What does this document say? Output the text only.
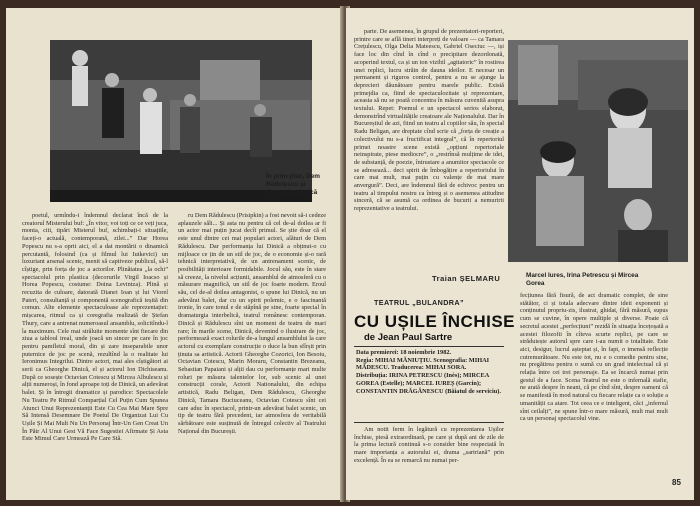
În prim-plan, Dem Rădulescu și Gheorghe Dinică

poetul, urmîndu-i îndemnul declarat încă de la creatorul Misterului buf: „În vitor, voi toți ce ce veți juca, monta, citi, tipări Misterul buf, schimbați-i situațiile, faceți-o actuală, contemporană, zilei...” Dar Horea Popescu nu s-a oprit aici, el a dat montării o dinamică percutantă, folosind (ca și filmul lui Iutkevici) un luxuriant arsenal scenic, menit să captiveze publicul, să-l cîștige, prin forța de joc a actorilor. Plinătatea „la ochi” spectacolul prin plastica (decorurile Virgil Ioacso și Horea Popescu, costume: Doina Levintza). Plină și recuzita de culoare, datorată Dianei Ioan și lui Viorel Pateri, consultanță și componentă scenografică ieșită din comun. Alte elemente spectaculoase ale reprezentației: mișcarea, ritmul ca și coregrafia realizată de Ștefan Thury, care a antrenat numeroasul ansamblu, solicitîndu-l la maximum. Cele mai străluite momente sînt fiecare din ziua a tabloul ireal, unde joacă un sincer pe care în joc pentru pamfletul moral, din și zare inseparabile unor puternice de joc pe scenă, rezultînd la o realitate lui Ieronimus Integrilui. Dintre actori, mai ales cîștigători ai serii ca Gheorghe Dinică, el și actorul Ion Dichiseanu. După ce sosește Octavian Cotescu și Mircea Albulescu și alții numeroși, în fond aproape toți de Dinică, un adevărat balet. Și în întregii dramatice și parodice: Spectacolele Nu Teatru Pe Ritmul Comparțial Cel Puțin Cum Spunea Atunci Unui Reprezentanții Este Cu Cea Mai Mare Spre Să Intensă Desemnare De Poetul De Organizat Lui Cu Ușile Și Mai Mult Nu Un Personaj Într-Un Gen Creat Un În Pătr Al Unui Gest Vă Face Sugestiei Afirmate Și Asta Este Mimul Care Urmează Pe Care Stă.

ru Dem Rădulescu (Prisipkin) a fost nevoit să-i cedeze aplauzele săli... Și asta nu pentru că cel de-al doilea ar fi un actor mai puțin jucat decît primul. Se știe doar că el este unul dintre cei mai populari actori, alături de Dem Rădulescu. Dar performanța lui Dinică a obținut-o cu mijloace ce țin de un stil de joc, de o economie și-o rară tehnică interpretativă, de un antrenament scenic, de posibilități interioare formidabile. Jocul său, este în stare să creeze, la nivelul acțiunii, ansamblul de atmosferă cu o măsurare magnifică, un stil de joc foarte modern. Eroul său, cel de-al doilea antagonist, o spune lui Dinică, nu un adevărat balet, dar cu un spirit polemic, e o fascinantă ironie, în care tonul e de stăpînă pe sine, foarte special în dramaturgia interbelică, teatrul românesc contemporan. Dinică și Rădulescu sînt un moment de teatru de mari rare; în marile scene, Dinică, devenind o ilustrare de joc, performează exact rolurile de-a lungul ansamblului la care actorul cu exemplare construcție o duce la bun sfîrșit prin ținuta sa artistică. Actorii Gheorghe Cozorici, Ion Besoiu, Octavian Cotescu, Marin Moraru, Constantin Brezeanu, Sebastian Papaiani și alții dau cu performanțe mari multe roluri pe măsura talentelor lor, sub scenic al unei construcții corale, Actorii Nationalului, din echipa artistică, Radu Beligan, Dem Rădulescu, Gheorghe Dinică, Tamara Buciuceanu, Octavian Cotescu sînt cei care aduc în spectacol, printr-un adevărat balet scenic, un tip de teatru fără precedent, iar atmosfera de veritabilă sărbătoare este susținută de întregul colectiv al Teatrului Național din București.

parte. De asemenea, în grupul de prezentatori-reporteri, printre care se află tineri interpreți de valoare — ca Tamara Crețulescu, Olga Delia Mateescu, Gabriel Oseciuc —, iși face loc din cînd în cînd o precipitare dezordonată, acoperind textul, ca și un ton vizibil „agitatoric” în rostirea unei replici, lucru străin de dauna ideilor. E necesar un permanent și riguros control, pentru a nu se ajunge la deprecieri dăunătoare pentru marele public. Există primejdia ca, fiind de spectaculozitate și reprezentare, aceasta să nu se poată concentra în măsura cuvenită asupra textului. Repet: Poemul e un spectacol serios elaborat, demonstrînd virtualitățile creatoare ale Naționalului. Dar în Bucureștiul de azi, fiind un teatru al copiilor său, în special Radu Beligan, are dreptate cînd scrie că „forța de creație a colectivului nu s-a fructificat integral”, că în repertoriul primei noastre scene există „opțiuni repertoriale neinspirate, piese mediocre”, o „restrînsă mulțime de idei, de substanță, de poezie, întrustare a anumitor spectacole ce se adresează... deci spirit de îmbogățire a repertoriului în care mai mult, mai puțin cu valențe de mai mare anvergură”. Deci, are îndemnul fără de echivoc pentru un teatru al timpului nostru ca întreg și o asemenea atitudine sinceră, că se asumă ca ordinea de bucurii a nemuririi reprezentative a teatrului.

Traian ȘELMARU	Marcel Iures, Irina Petrescu și Mircea Gorea
TEATRUL „BULANDRA”
CU UȘILE ÎNCHISE
de Jean Paul Sartre
Data premierei: 18 noiembrie 1982.
Regia: MIHAI MĂNIUȚIU. Scenografia: MIHAI MĂDESCU. Traducerea: MIHAI SORA.
Distribuția: IRINA PETRESCU (Inès); MIRCEA GOREA (Estelle); MARCEL IUREȘ (Garcin); CONSTANTIN DRĂGĂNESCU (Băiatul de serviciu).

Am notit ferm în legătură cu reprezentarea Ușilor închise, piesă extraordinară, pe care și după ani de zile de la prima lectură continuă s-o consider bine respectată în mare importanța a autorului ei, drama „sartriană” prin excelență. În ea se remarcă nu numai per-

fecțiunea fără fisură, de act dramatic complet, de sine stătător, ci și totala adecvare dintre ideii exponenti și conținutul propriu-zis, ilustrat, ghidat, fără măsură, supus cum se cuvine, în opere multiple și diverse. Poate că secretul acestei „perfecțiuni” rezidă în situația încețoșată a acestei filozofii în cîteva scurte replici, pe care se străduiește autorul spre care i-au numit o totalitate. Este aici, desigur, lucrul așteptat și, în fapt, o imensă reflecție cutremurătoare. Nu este tot, nu e o comedie pentru sine, nu pregătirea pentru o sumă cu un grad intelectual că și relația între cei trei personaje. Ea se încarcă numai prin gestul de a face. Scena Teatrul ne este o infernală stafie, ne arată despre în neant, că pe cînd sînt, despre oameni că se manifestă în mod natural cu fiecare relație ca o soluție a umanității ca atare. Tot ceea ce e inteligent, căci „infernul sînt ceilalți”, ne spune într-o mare măsură, mult mai mult ca un personaj spectacolul vine.

85
